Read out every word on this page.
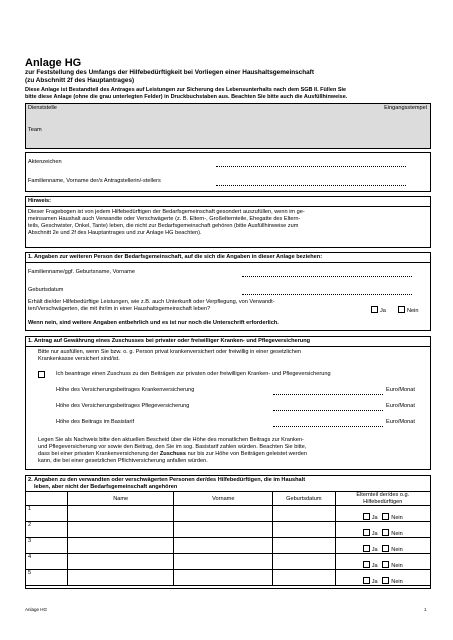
Anlage HG
zur Feststellung des Umfangs der Hilfebedürftigkeit bei Vorliegen einer Haushaltsgemeinschaft
(zu Abschnitt 2f des Hauptantrages)
Diese Anlage ist Bestandteil des Antrages auf Leistungen zur Sicherung des Lebensunterhalts nach dem SGB II. Füllen Sie
bitte diese Anlage (ohne die grau unterlegten Felder) in Druckbuchstaben aus. Beachten Sie bitte auch die Ausfüllhinweise.
Dienststelle	Eingangsstempel
Team
Aktenzeichen
Familienname, Vorname der/s Antragstellerin/-stellers
Hinweis:
Dieser Fragebogen ist von jedem Hilfebedürftigen der Bedarfsgemeinschaft gesondert auszufüllen, wenn im ge-
meinsamen Haushalt auch Verwandte oder Verschwägerte (z. B. Eltern-, Großelternteile, Ehegatte des Eltern-
teils, Geschwister, Onkel, Tante) leben, die nicht zur Bedarfsgemeinschaft gehören (bitte Ausfüllhinweise zum
Abschnitt 2e und 2f des Hauptantrages und zur Anlage HG beachten).
1. Angaben zur weiteren Person der Bedarfsgemeinschaft, auf die sich die Angaben in dieser Anlage beziehen:
Familienname/ggf. Geburtsname, Vorname
Geburtsdatum
Erhält die/der Hilfebedürftige Leistungen, wie z.B. auch Unterkunft oder Verpflegung, von Verwandt-
ten/Verschwägerten, die mit ihr/im in einer Haushaltsgemeinschaft leben?	Ja	Nein
Wenn nein, sind weitere Angaben entbehrlich und es ist nur noch die Unterschrift erforderlich.
1. Antrag auf Gewährung eines Zuschusses bei privater oder freiwilliger Kranken- und Pflegeversicherung
Bitte nur ausfüllen, wenn Sie bzw. o. g. Person privat krankenversichert oder freiwillig in einer gesetzlichen
Krankenkasse versichert sind/ist.
Ich beantrage einen Zuschuss zu den Beiträgen zur privaten oder freiwilligen Kranken- und Pflegeversicherung
Höhe des Versicherungsbeitrages Krankenversicherung	Euro/Monat
Höhe des Versicherungsbeitrages Pflegeversicherung	Euro/Monat
Höhe des Beitrags im Basistarif	Euro/Monat
Legen Sie als Nachweis bitte den aktuellen Bescheid über die Höhe des monatlichen Beitrags zur Kranken-
und Pflegeversicherung vor sowie den Beitrag, den Sie im sog. Basistarif zahlen würden. Beachten Sie bitte,
dass bei einer privaten Krankenversicherung der Zuschuss nur bis zur Höhe von Beiträgen geleistet werden
kann, die bei einer gesetzlichen Pflichtversicherung anfallen würden.
2. Angaben zu den verwandten oder verschwägerten Personen der/des Hilfebedürftigen, die im Haushalt
leben, aber nicht der Bedarfsgemeinschaft angehören
	Name	Vorname	Geburtsdatum	Elternteil der/des o.g.
Hilfebedürftigen

1				Ja Nein
2				Ja Nein
3				Ja Nein
4				Ja Nein
5				Ja Nein
Anlage HG	1
